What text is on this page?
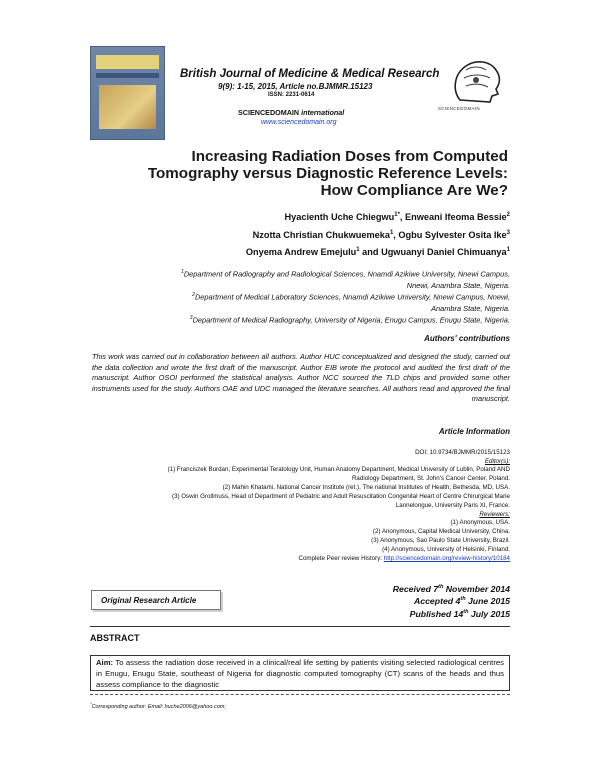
British Journal of Medicine & Medical Research
9(9): 1-15, 2015, Article no.BJMMR.15123
ISSN: 2231-0614
SCIENCEDOMAIN international
www.sciencedomain.org
SCIENCEDOMAIN
Increasing Radiation Doses from Computed
Tomography versus Diagnostic Reference Levels:
How Compliance Are We?
Hyacienth Uche Chiegwu$^{1*}$, Enweani Ifeoma Bessie$^2$
Nzotta Christian Chukwuemeka$^1$, Ogbu Sylvester Osita Ike$^3$
Onyema Andrew Emejulu$^1$ and Ugwuanyi Daniel Chimuanya$^1$
$^1$Department of Radiography and Radiological Sciences, Nnamdi Azikiwe University, Nnewi Campus,
Nnewi, Anambra State, Nigeria.
$^2$Department of Medical Laboratory Sciences, Nnamdi Azikiwe University, Nnewi Campus, Nnewi,
Anambra State, Nigeria.
$^3$Department of Medical Radiography, University of Nigeria, Enugu Campus, Enugu State, Nigeria.
Authors' contributions
This work was carried out in collaboration between all authors. Author HUC conceptualized and designed the study, carried out the data collection and wrote the first draft of the manuscript. Author EIB wrote the protocol and audited the first draft of the manuscript. Author OSOI performed the statistical analysis. Author NCC sourced the TLD chips and provided some other instruments used for the study. Authors OAE and UDC managed the literature searches. All authors read and approved the final manuscript.
Article Information
DOI: 10.9734/BJMMR/2015/15123
Editor(s):
(1) Franciszek Burdan, Experimental Teratology Unit, Human Anatomy Department, Medical University of Lublin, Poland AND
Radiology Department, St. John's Cancer Center, Poland.
(2) Mahin Khatami, National Cancer Institute (ret.), The national Institutes of Health, Bethesda, MD, USA.
(3) Oswin Grollmuss, Head of Department of Pediatric and Adult Resuscitation Congenital Heart of Centre Chirurgical Marie
Lannelongue, University Paris XI, France.
Reviewers:
(1) Anonymous, USA.
(2) Anonymous, Capital Medical University, China.
(3) Anonymous, Sao Paulo State University, Brazil.
(4) Anonymous, University of Helsinki, Finland.
Complete Peer review History: http://sciencedomain.org/review-history/10184
Received 7th November 2014
Accepted 4th June 2015
Published 14th July 2015
Original Research Article
ABSTRACT
Aim: To assess the radiation dose received in a clinical/real life setting by patients visiting selected radiological centres in Enugu, Enugu State, southeast of Nigeria for diagnostic computed tomography (CT) scans of the heads and thus assess compliance to the diagnostic
*Corresponding author: Email: huche2006@yahoo.com;
